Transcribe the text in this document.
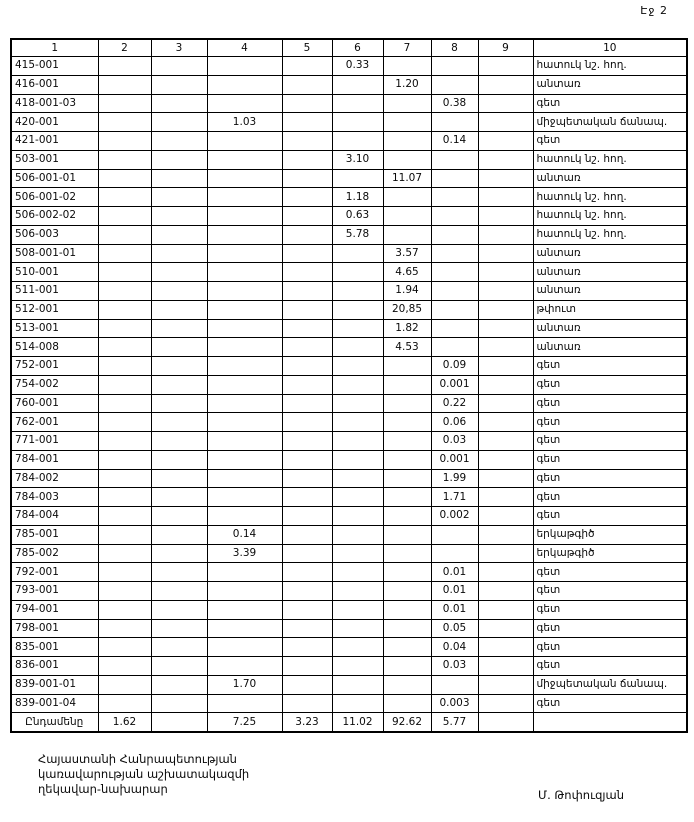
Էջ 2
1	2	3	4	5	6	7	8	9	10
415-001					0.33				հատուկ նշ. հող.
416-001						1.20			անտառ
418-001-03							0.38		գետ
420-001			1.03						միջպետական ճանապ.
421-001							0.14		գետ
503-001					3.10				հատուկ նշ. հող.
506-001-01						11.07			անտառ
506-001-02					1.18				հատուկ նշ. հող.
506-002-02					0.63				հատուկ նշ. հող.
506-003					5.78				հատուկ նշ. հող.
508-001-01						3.57			անտառ
510-001						4.65			անտառ
511-001						1.94			անտառ
512-001						20,85			թփուտ
513-001						1.82			անտառ
514-008						4.53			անտառ
752-001							0.09		գետ
754-002							0.001		գետ
760-001							0.22		գետ
762-001							0.06		գետ
771-001							0.03		գետ
784-001							0.001		գետ
784-002							1.99		գետ
784-003							1.71		գետ
784-004							0.002		գետ
785-001			0.14						երկաթգիծ
785-002			3.39						երկաթգիծ
792-001							0.01		գետ
793-001							0.01		գետ
794-001							0.01		գետ
798-001							0.05		գետ
835-001							0.04		գետ
836-001							0.03		գետ
839-001-01			1.70						միջպետական ճանապ.
839-001-04							0.003		գետ
Ընդամենը	1.62		7.25	3.23	11.02	92.62	5.77		
Հայաստանի Հանրապետության
կառավարության աշխատակազմի
ղեկավար-նախարար	Մ. Թոփուզյան
